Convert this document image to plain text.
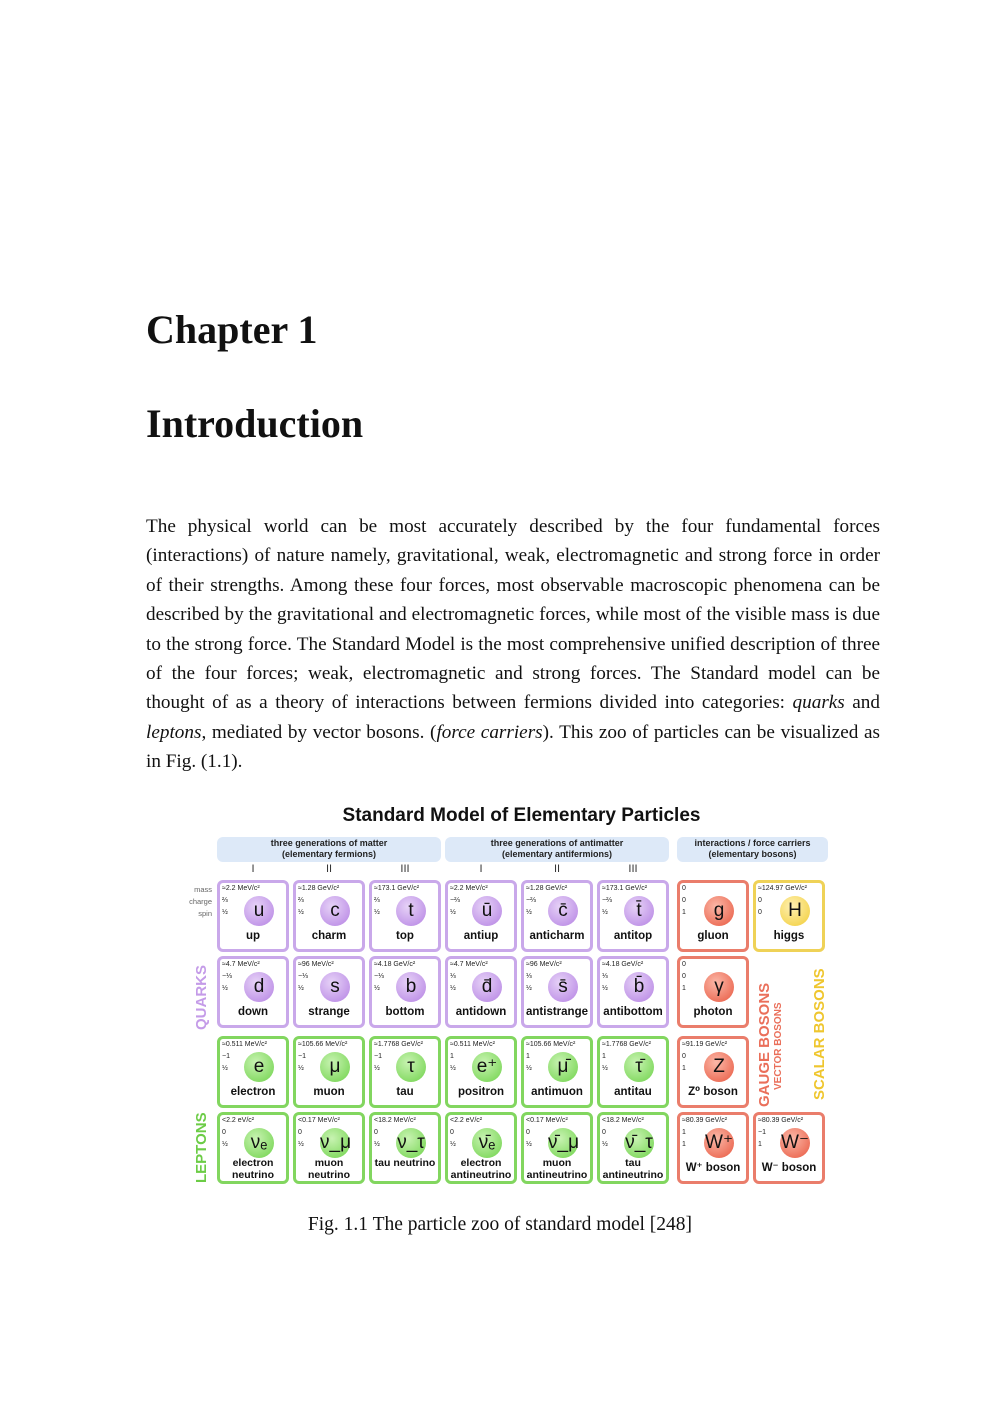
Chapter 1
Introduction

The physical world can be most accurately described by the four fundamental forces (interactions) of nature namely, gravitational, weak, electromagnetic and strong force in order of their strengths. Among these four forces, most observable macroscopic phenomena can be described by the gravitational and electromagnetic forces, while most of the visible mass is due to the strong force. The Standard Model is the most comprehensive unified description of three of the four forces; weak, electromagnetic and strong forces. The Standard model can be thought of as a theory of interactions between fermions divided into categories: quarks and leptons, mediated by vector bosons. (force carriers). This zoo of particles can be visualized as in Fig. (1.1).

Standard Model of Elementary Particles
three generations of matter
(elementary fermions)
three generations of antimatter
(elementary antifermions)
interactions / force carriers
(elementary bosons)
I	II	III	I	II	III
mass
charge
spin
≈2.2 MeV/c²
⅔
½	u
up
≈1.28 GeV/c²
⅔
½	c
charm
≈173.1 GeV/c²
⅔
½	t
top
≈2.2 MeV/c²
−⅔
½	ū
antiup
≈1.28 GeV/c²
−⅔
½	c̄
anticharm
≈173.1 GeV/c²
−⅔
½	t̄
antitop
0
0
1	g
gluon
≈124.97 GeV/c²
0
0	H
higgs
≈4.7 MeV/c²
−⅓
½	d
down
≈96 MeV/c²
−⅓
½	s
strange
≈4.18 GeV/c²
−⅓
½	b
bottom
≈4.7 MeV/c²
⅓
½	d̄
antidown
≈96 MeV/c²
⅓
½	s̄
antistrange
≈4.18 GeV/c²
⅓
½	b̄
antibottom
0
0
1	γ
photon
≈0.511 MeV/c²
−1
½	e
electron
≈105.66 MeV/c²
−1
½	μ
muon
≈1.7768 GeV/c²
−1
½	τ
tau
≈0.511 MeV/c²
1
½ e⁺
positron
≈105.66 MeV/c²
1
½	μ̄
antimuon
≈1.7768 GeV/c²
1
½	τ̄
antitau
≈91.19 GeV/c²
0
1	Z
Z⁰ boson
<2.2 eV/c²
0
½	νₑ
electron neutrino
<0.17 MeV/c²
0
½ ν_μ
muon neutrino
<18.2 MeV/c²
0
½ ν_τ
tau neutrino
<2.2 eV/c²
0
½	ν̄ₑ
electron antineutrino
<0.17 MeV/c²
0
½ ν̄_μ
muon antineutrino
<18.2 MeV/c²
0
½ ν̄_τ
tau antineutrino
≈80.39 GeV/c²
1
1 W⁺
W⁺ boson
≈80.39 GeV/c²
−1
1 W⁻
W⁻ boson
QUARKS
LEPTONS
GAUGE BOSONS VECTOR BOSONS SCALAR BOSONS
Fig. 1.1 The particle zoo of standard model [248]
